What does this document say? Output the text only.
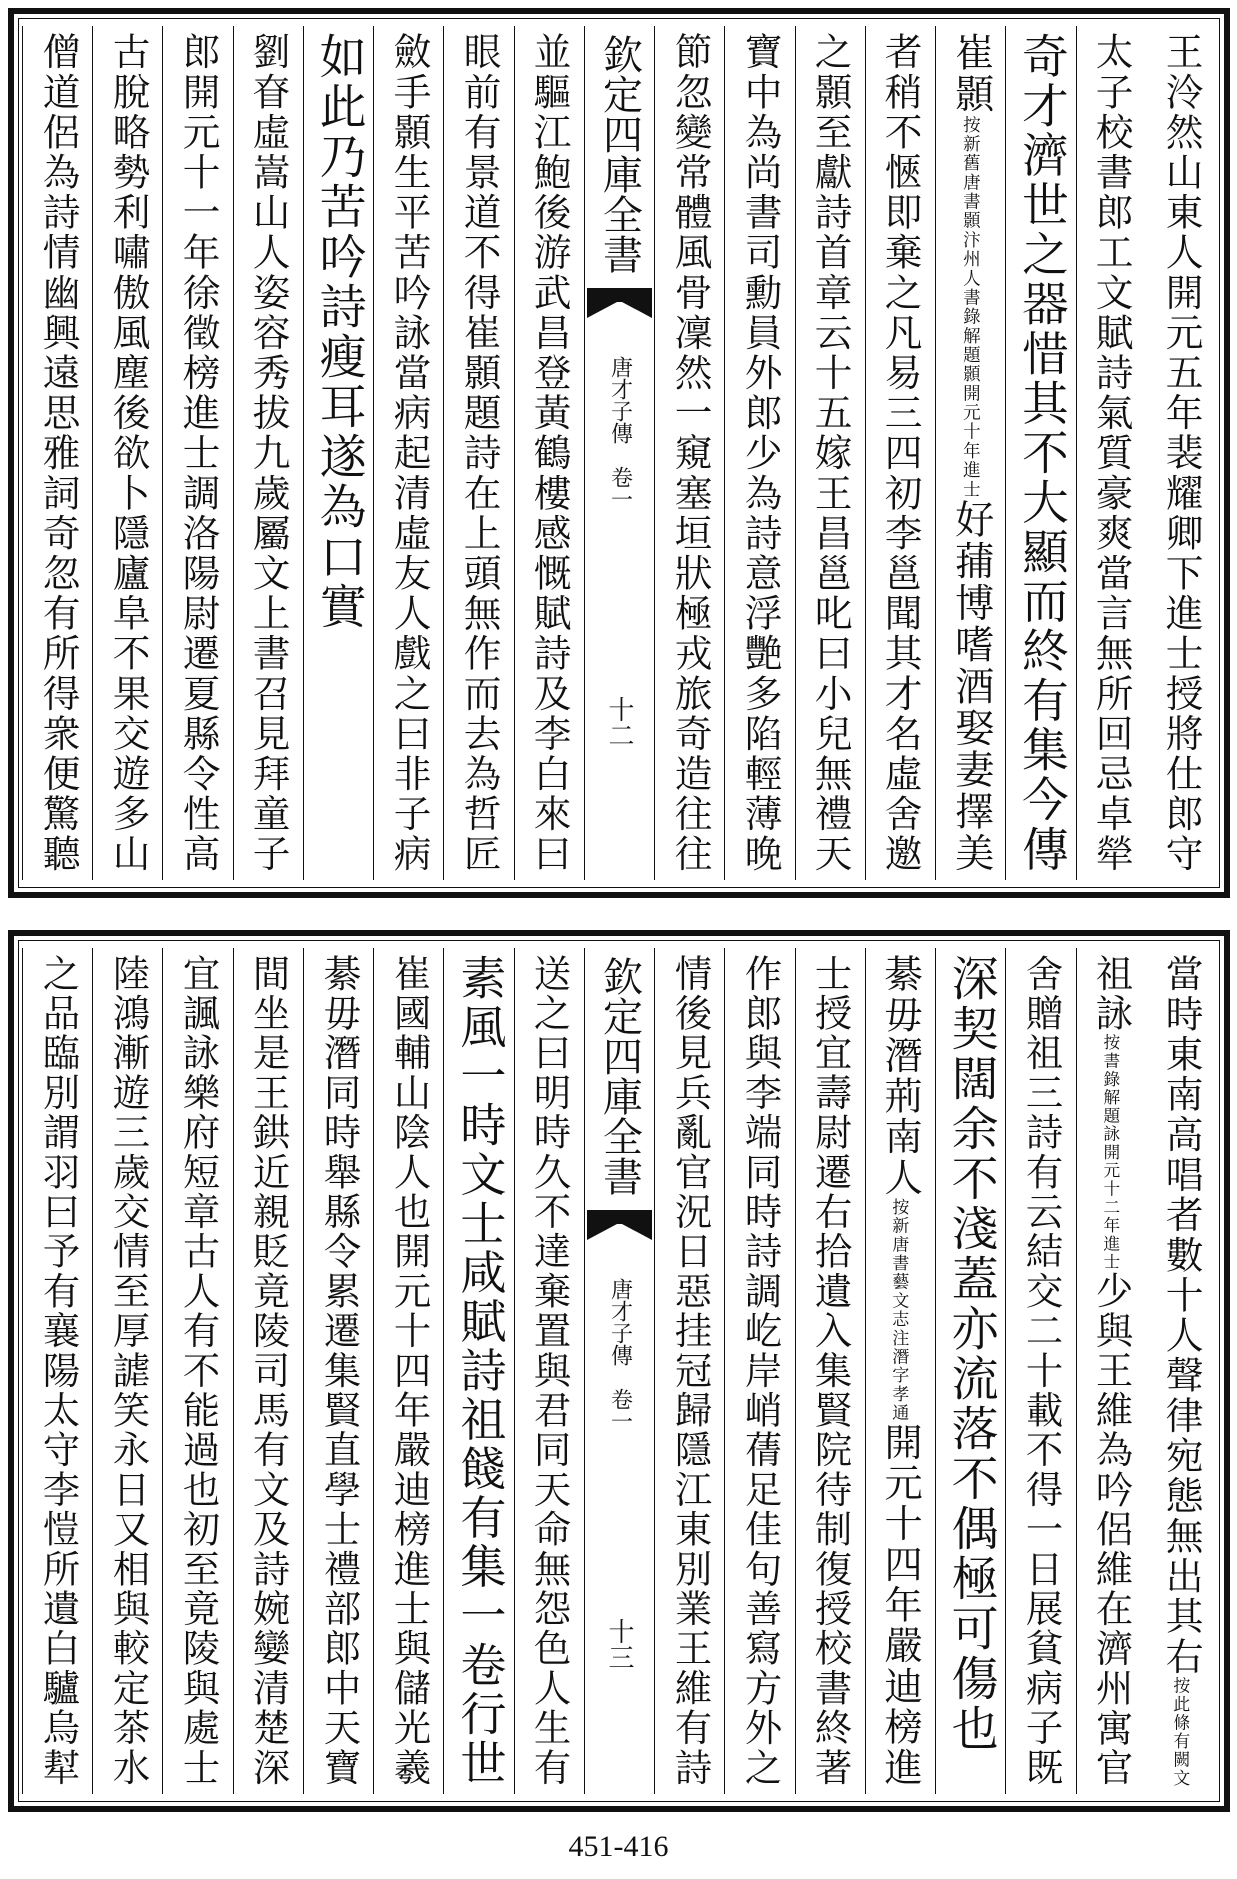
王泠然山東人開元五年裴耀卿下進士授將仕郎守
太子校書郎工文賦詩氣質豪爽當言無所回忌卓犖
奇才濟世之器惜其不大顯而終有集今傳
崔顥按新舊唐書顥汴州人書錄解題顥開元十年進士好蒱博嗜酒娶妻擇美
者稍不愜即棄之凡易三四初李邕聞其才名虛舍邀
之顥至獻詩首章云十五嫁王昌邕叱曰小兒無禮天
寶中為尚書司勳員外郎少為詩意浮艷多陷輕薄晚
節忽變常體風骨凜然一窺塞垣狀極戎旅奇造往往
欽定四庫全書
唐才子傳　卷一
十二
並驅江鮑後游武昌登黃鶴樓感慨賦詩及李白來曰
眼前有景道不得崔顥題詩在上頭無作而去為哲匠
斂手顥生平苦吟詠當病起清虛友人戲之曰非子病
如此乃苦吟詩瘦耳遂為口實
劉眘虛嵩山人姿容秀拔九歲屬文上書召見拜童子
郎開元十一年徐徵榜進士調洛陽尉遷夏縣令性高
古脫略勢利嘯傲風塵後欲卜隱廬阜不果交遊多山
僧道侶為詩情幽興遠思雅詞奇忽有所得衆便驚聽
當時東南高唱者數十人聲律宛態無出其右按此條有闕文
祖詠按書錄解題詠開元十二年進士少與王維為吟侶維在濟州寓官
舍贈祖三詩有云結交二十載不得一日展貧病子既
深契闊余不淺蓋亦流落不偶極可傷也
綦毋潛荊南人按新唐書藝文志注潛字孝通開元十四年嚴迪榜進
士授宜壽尉遷右拾遺入集賢院待制復授校書終著
作郎與李端同時詩調屹岸峭蒨足佳句善寫方外之
情後見兵亂官況日惡挂冠歸隱江東別業王維有詩
欽定四庫全書
唐才子傳　卷一
十三
送之曰明時久不達棄置與君同天命無怨色人生有
素風一時文士咸賦詩祖餞有集一卷行世
崔國輔山陰人也開元十四年嚴迪榜進士與儲光羲
綦毋潛同時舉縣令累遷集賢直學士禮部郎中天寶
間坐是王鉷近親貶竟陵司馬有文及詩婉孌清楚深
宜諷詠樂府短章古人有不能過也初至竟陵與處士
陸鴻漸遊三歲交情至厚謔笑永日又相與較定茶水
之品臨別謂羽曰予有襄陽太守李愷所遺白驢烏犎
451-416
